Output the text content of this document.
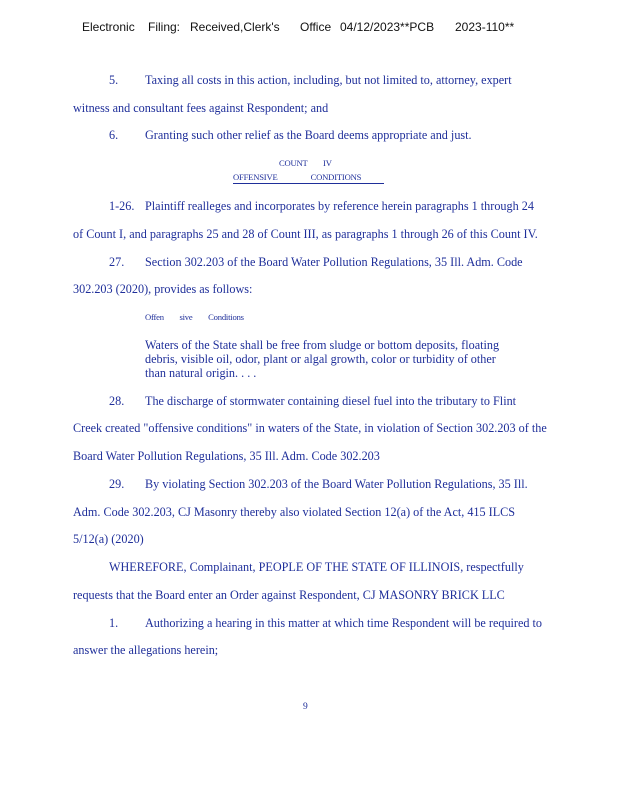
Electronic Filing: Received,Clerk's Office 04/12/2023**PCB 2023-110**
5. Taxing all costs in this action, including, but not limited to, attorney, expert
witness and consultant fees against Respondent; and
6. Granting such other relief as the Board deems appropriate and just.
COUNT        IV
OFFENSIVE                 CONDITIONS
1-26. Plaintiff realleges and incorporates by reference herein paragraphs 1 through 24
of Count I, and paragraphs 25 and 28 of Count III, as paragraphs 1 through 26 of this Count IV.
27. Section 302.203 of the Board Water Pollution Regulations, 35 Ill. Adm. Code
302.203 (2020), provides as follows:
Offen        sive        Conditions
Waters of the State shall be free from sludge or bottom deposits, floating
debris, visible oil, odor, plant or algal growth, color or turbidity of other
than natural origin. . . .
28. The discharge of stormwater containing diesel fuel into the tributary to Flint
Creek created "offensive conditions" in waters of the State, in violation of Section 302.203 of the
Board Water Pollution Regulations, 35 Ill. Adm. Code 302.203
29. By violating Section 302.203 of the Board Water Pollution Regulations, 35 Ill.
Adm. Code 302.203, CJ Masonry thereby also violated Section 12(a) of the Act, 415 ILCS
5/12(a) (2020)
WHEREFORE, Complainant, PEOPLE OF THE STATE OF ILLINOIS, respectfully
requests that the Board enter an Order against Respondent, CJ MASONRY BRICK LLC
1. Authorizing a hearing in this matter at which time Respondent will be required to
answer the allegations herein;
9
